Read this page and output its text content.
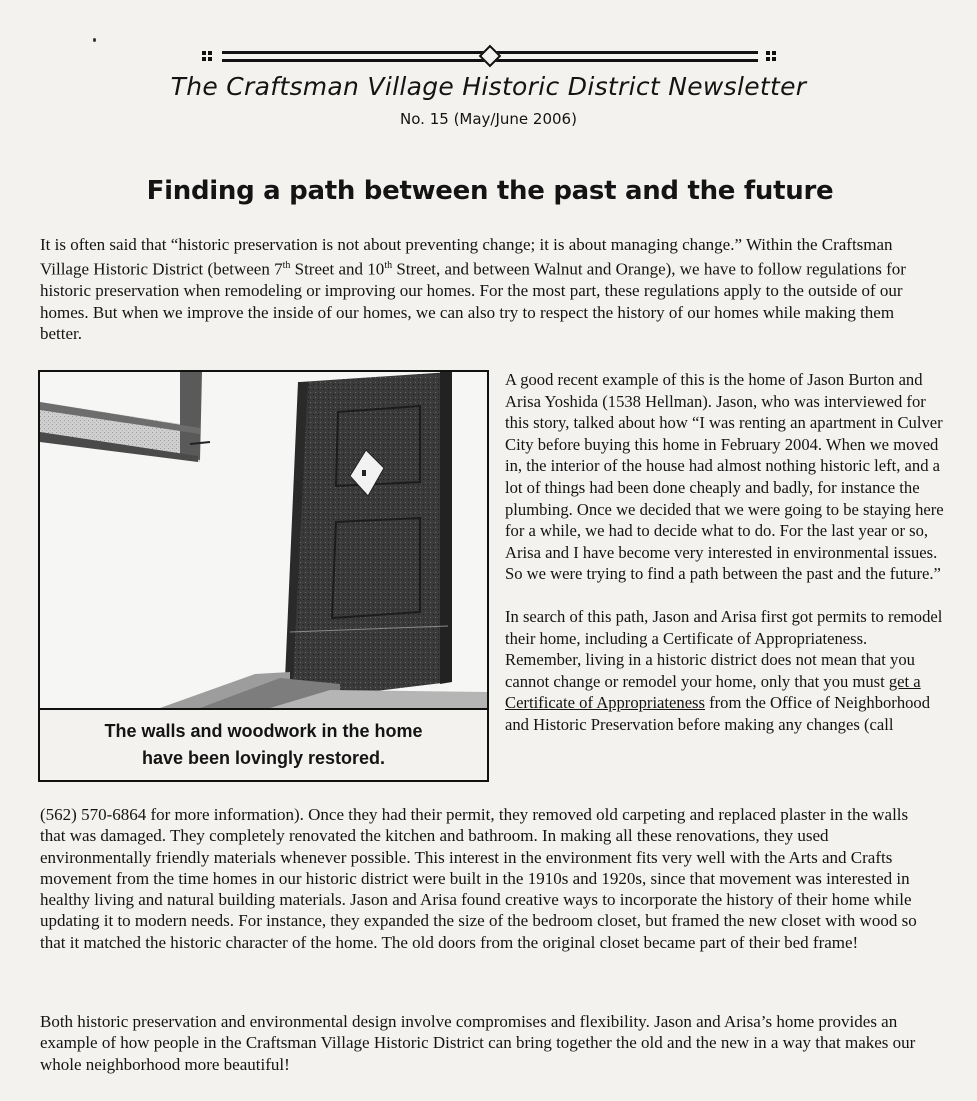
The Craftsman Village Historic District Newsletter
No. 15 (May/June 2006)
Finding a path between the past and the future

It is often said that “historic preservation is not about preventing change; it is about managing change.” Within the Craftsman Village Historic District (between 7th Street and 10th Street, and between Walnut and Orange), we have to follow regulations for historic preservation when remodeling or improving our homes. For the most part, these regulations apply to the outside of our homes. But when we improve the inside of our homes, we can also try to respect the history of our homes while making them better.

The walls and woodwork in the home
have been lovingly restored.

A good recent example of this is the home of Jason Burton and Arisa Yoshida (1538 Hellman). Jason, who was interviewed for this story, talked about how “I was renting an apartment in Culver City before buying this home in February 2004. When we moved in, the interior of the house had almost nothing historic left, and a lot of things had been done cheaply and badly, for instance the plumbing. Once we decided that we were going to be staying here for a while, we had to decide what to do. For the last year or so, Arisa and I have become very interested in environmental issues. So we were trying to find a path between the past and the future.”

In search of this path, Jason and Arisa first got permits to remodel their home, including a Certificate of Appropriateness. Remember, living in a historic district does not mean that you cannot change or remodel your home, only that you must get a Certificate of Appropriateness from the Office of Neighborhood and Historic Preservation before making any changes (call

(562) 570-6864 for more information). Once they had their permit, they removed old carpeting and replaced plaster in the walls that was damaged. They completely renovated the kitchen and bathroom. In making all these renovations, they used environmentally friendly materials whenever possible. This interest in the environment fits very well with the Arts and Crafts movement from the time homes in our historic district were built in the 1910s and 1920s, since that movement was interested in healthy living and natural building materials. Jason and Arisa found creative ways to incorporate the history of their home while updating it to modern needs. For instance, they expanded the size of the bedroom closet, but framed the new closet with wood so that it matched the historic character of the home. The old doors from the original closet became part of their bed frame!

Both historic preservation and environmental design involve compromises and flexibility. Jason and Arisa’s home provides an example of how people in the Craftsman Village Historic District can bring together the old and the new in a way that makes our whole neighborhood more beautiful!
